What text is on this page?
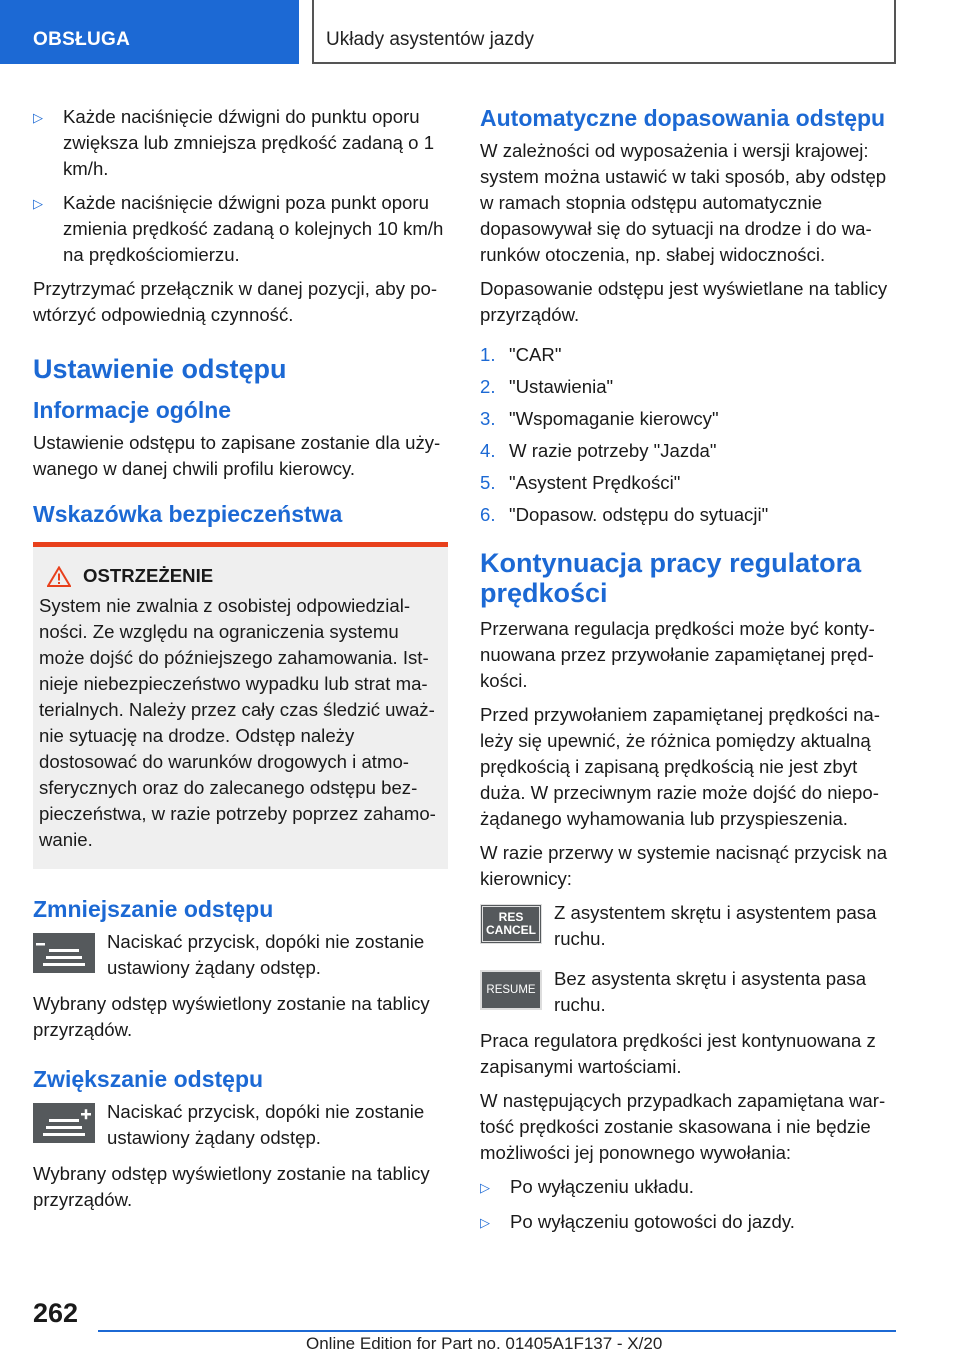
OBSŁUGA	Układy asystentów jazdy
▷	Każde naciśnięcie dźwigni do punktu oporu zwiększa lub zmniejsza prędkość zadaną o 1 km/h.
▷	Każde naciśnięcie dźwigni poza punkt oporu zmienia prędkość zadaną o kolejnych 10 km/h na prędkościomierzu.

Przytrzymać przełącznik w danej pozycji, aby powtórzyć odpowiednią czynność.

Ustawienie odstępu
Informacje ogólne

Ustawienie odstępu to zapisane zostanie dla używanego w danej chwili profilu kierowcy.

Wskazówka bezpieczeństwa
OSTRZEŻENIE
System nie zwalnia z osobistej odpowiedzialności. Ze względu na ograniczenia systemu może dojść do późniejszego zahamowania. Istnieje niebezpieczeństwo wypadku lub strat materialnych. Należy przez cały czas śledzić uważnie sytuację na drodze. Odstęp należy dostosować do warunków drogowych i atmosferycznych oraz do zalecanego odstępu bezpieczeństwa, w razie potrzeby poprzez zahamowanie.
Zmniejszanie odstępu
Naciskać przycisk, dopóki nie zostanie ustawiony żądany odstęp.

Wybrany odstęp wyświetlony zostanie na tablicy przyrządów.

Zwiększanie odstępu
Naciskać przycisk, dopóki nie zostanie ustawiony żądany odstęp.

Wybrany odstęp wyświetlony zostanie na tablicy przyrządów.

Automatyczne dopasowania odstępu

W zależności od wyposażenia i wersji krajowej: system można ustawić w taki sposób, aby odstęp w ramach stopnia odstępu automatycznie dopasowywał się do sytuacji na drodze i do warunków otoczenia, np. słabej widoczności.

Dopasowanie odstępu jest wyświetlane na tablicy przyrządów.

1. "CAR"
2. "Ustawienia"
3. "Wspomaganie kierowcy"
4. W razie potrzeby "Jazda"
5. "Asystent Prędkości"
6. "Dopasow. odstępu do sytuacji"
Kontynuacja pracy regulatora prędkości

Przerwana regulacja prędkości może być kontynuowana przez przywołanie zapamiętanej prędkości.

Przed przywołaniem zapamiętanej prędkości należy się upewnić, że różnica pomiędzy aktualną prędkością i zapisaną prędkością nie jest zbyt duża. W przeciwnym razie może dojść do niepożądanego wyhamowania lub przyspieszenia.

W razie przerwy w systemie nacisnąć przycisk na kierownicy:

RES
CANCEL
Z asystentem skrętu i asystentem pasa ruchu.
RESUME
Bez asystenta skrętu i asystenta pasa ruchu.

Praca regulatora prędkości jest kontynuowana z zapisanymi wartościami.

W następujących przypadkach zapamiętana wartość prędkości zostanie skasowana i nie będzie możliwości jej ponownego wywołania:

▷	Po wyłączeniu układu.
▷	Po wyłączeniu gotowości do jazdy.
262
Online Edition for Part no. 01405A1F137 - X/20
